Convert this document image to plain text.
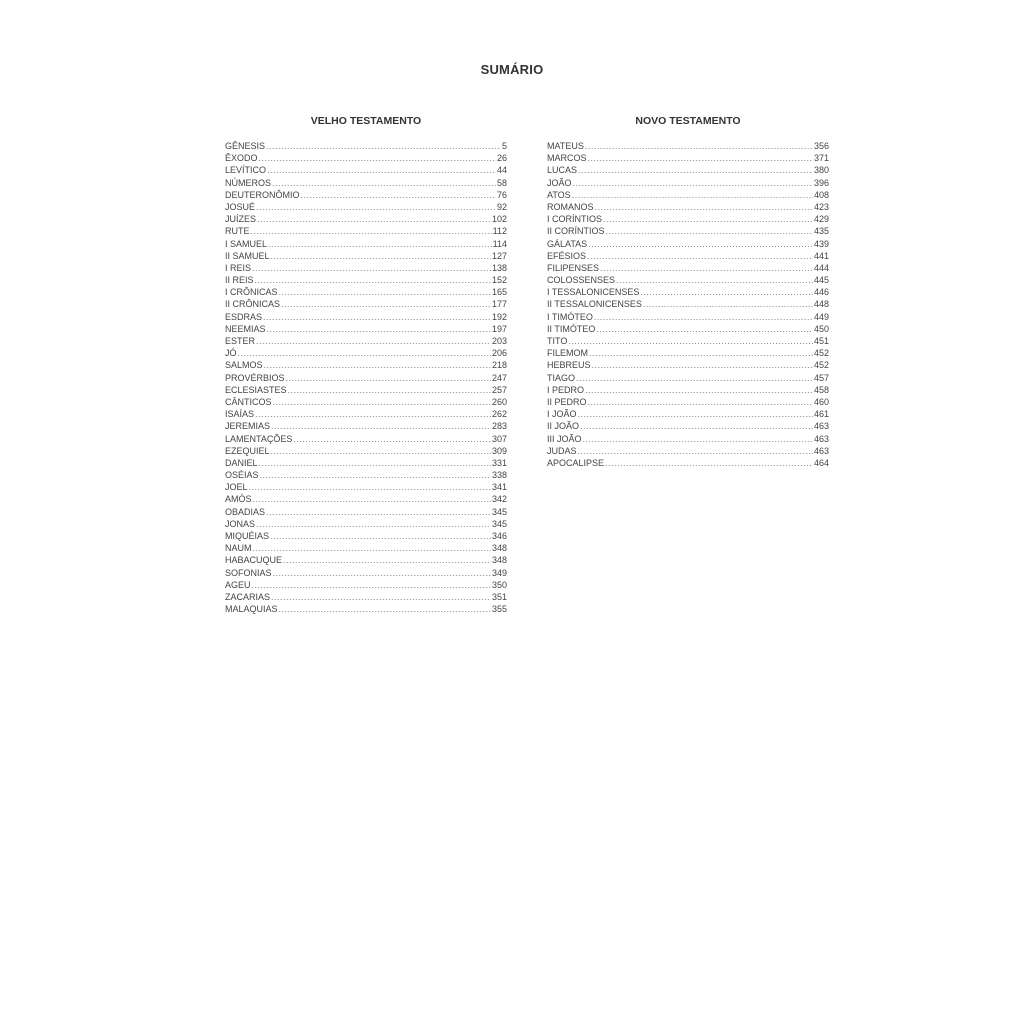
SUMÁRIO
VELHO TESTAMENTO
GÊNESIS .....	5
ÊXODO .....	26
LEVÍTICO .....	44
NÚMEROS .....	58
DEUTERONÔMIO .....	76
JOSUÉ .....	92
JUÍZES .....	102
RUTE .....	112
I SAMUEL .....	114
II SAMUEL .....	127
I REIS .....	138
II REIS .....	152
I CRÔNICAS .....	165
II CRÔNICAS .....	177
ESDRAS .....	192
NEEMIAS .....	197
ESTER .....	203
JÓ .....	206
SALMOS .....	218
PROVÉRBIOS .....	247
ECLESIASTES .....	257
CÂNTICOS .....	260
ISAÍAS .....	262
JEREMIAS .....	283
LAMENTAÇÕES .....	307
EZEQUIEL .....	309
DANIEL .....	331
OSÉIAS .....	338
JOEL .....	341
AMÓS .....	342
OBADIAS .....	345
JONAS .....	345
MIQUÉIAS .....	346
NAUM .....	348
HABACUQUE .....	348
SOFONIAS .....	349
AGEU .....	350
ZACARIAS .....	351
MALAQUIAS .....	355
NOVO TESTAMENTO
MATEUS .....	356
MARCOS .....	371
LUCAS .....	380
JOÃO .....	396
ATOS .....	408
ROMANOS .....	423
I CORÍNTIOS .....	429
II CORÍNTIOS .....	435
GÁLATAS .....	439
EFÉSIOS .....	441
FILIPENSES .....	444
COLOSSENSES .....	445
I TESSALONICENSES .....	446
II TESSALONICENSES .....	448
I TIMÓTEO .....	449
II TIMÓTEO .....	450
TITO .....	451
FILEMOM .....	452
HEBREUS .....	452
TIAGO .....	457
I PEDRO .....	458
II PEDRO .....	460
I JOÃO .....	461
II JOÃO .....	463
III JOÃO .....	463
JUDAS .....	463
APOCALIPSE .....	464
